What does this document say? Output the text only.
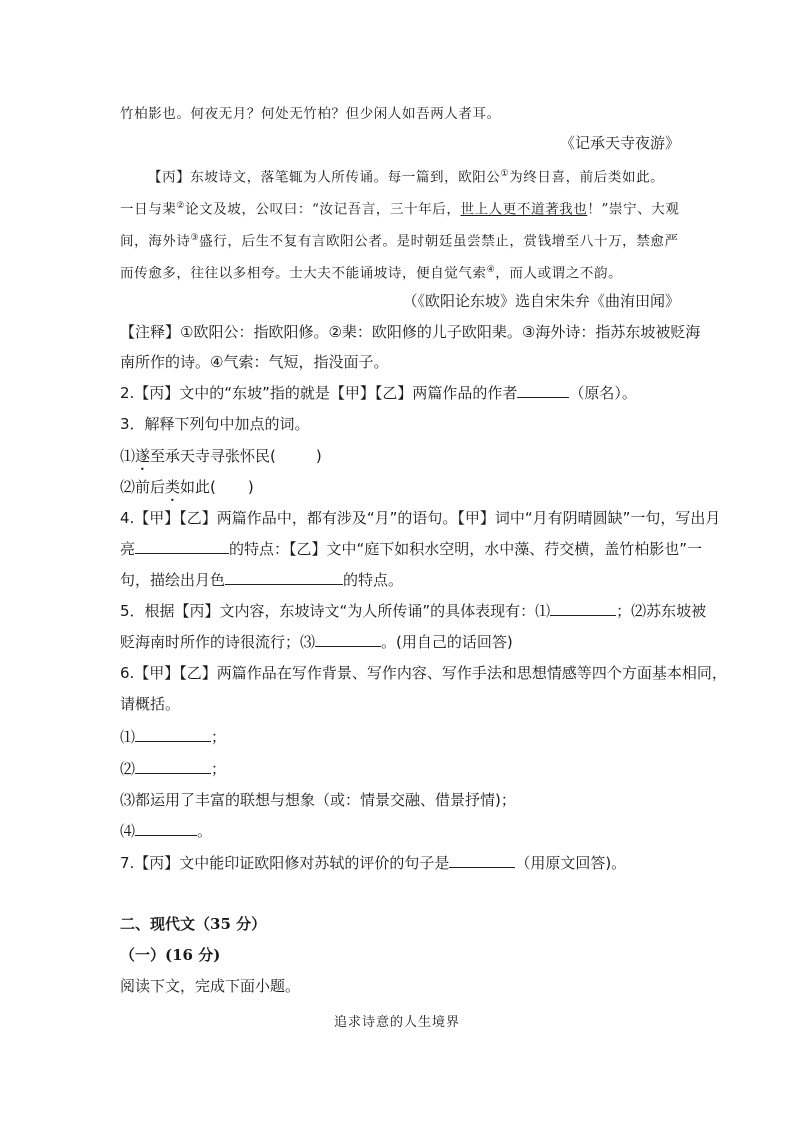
竹柏影也。何夜无月？何处无竹柏？但少闲人如吾两人者耳。
《记承天寺夜游》
【丙】东坡诗文，落笔辄为人所传诵。每一篇到，欧阳公①为终日喜，前后类如此。
一日与棐②论文及坡，公叹曰：“汝记吾言，三十年后，世上人更不道著我也！”崇宁、大观
间，海外诗③盛行，后生不复有言欧阳公者。是时朝廷虽尝禁止，赏钱增至八十万，禁愈严
而传愈多，往往以多相夸。士大夫不能诵坡诗，便自觉气索④，而人或谓之不韵。
（《欧阳论东坡》选自宋朱弁《曲洧田闻》
【注释】①欧阳公：指欧阳修。②棐：欧阳修的儿子欧阳棐。③海外诗：指苏东坡被贬海
南所作的诗。④气索：气短，指没面子。
2.【丙】文中的“东坡”指的就是【甲】【乙】两篇作品的作者	（原名）。
3．解释下列句中加点的词。
⑴遂至承天寺寻张怀民(	)
⑵前后类如此( )
4.【甲】【乙】两篇作品中，都有涉及“月”的语句。【甲】词中“月有阴晴圆缺”一句，写出月
亮	的特点：【乙】文中“庭下如积水空明，水中藻、荇交横，盖竹柏影也”一
句，描绘出月色	的特点。
5．根据【丙】文内容，东坡诗文“为人所传诵”的具体表现有：⑴	；⑵苏东坡被
贬海南时所作的诗很流行；⑶	。(用自己的话回答)
6.【甲】【乙】两篇作品在写作背景、写作内容、写作手法和思想情感等四个方面基本相同，
请概括。
⑴	；
⑵	；
⑶都运用了丰富的联想与想象（或：情景交融、借景抒情)；
⑷	。
7.【丙】文中能印证欧阳修对苏轼的评价的句子是	（用原文回答)。
二、现代文（35 分）
（一）(16 分)
阅读下文，完成下面小题。
追求诗意的人生境界
